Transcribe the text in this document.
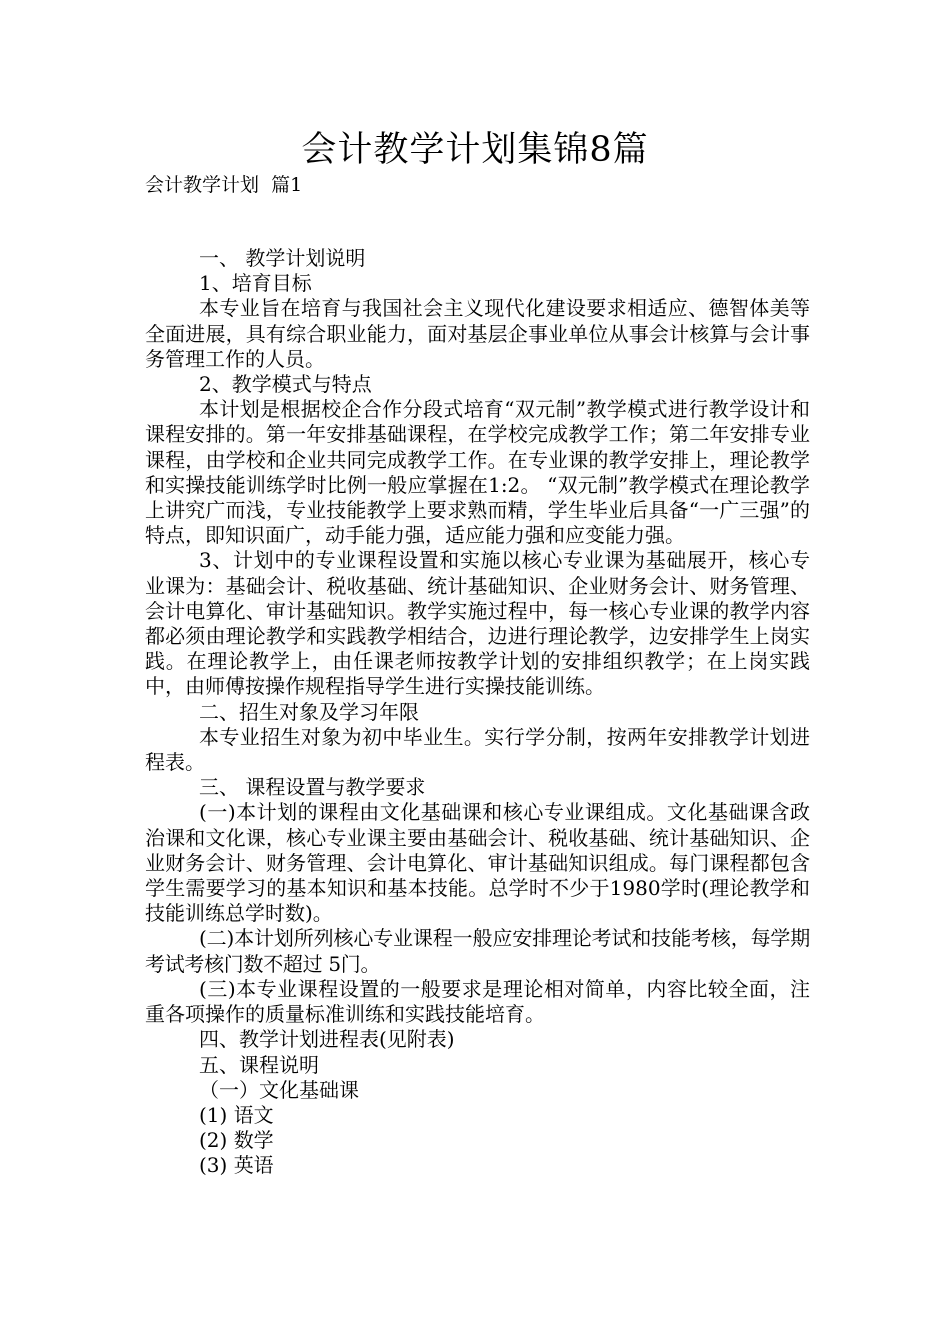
会计教学计划集锦8篇
会计教学计划  篇1

一、 教学计划说明

1、培育目标

本专业旨在培育与我国社会主义现代化建设要求相适应、德智体美等全面进展，具有综合职业能力，面对基层企事业单位从事会计核算与会计事务管理工作的人员。

2、教学模式与特点

本计划是根据校企合作分段式培育“双元制”教学模式进行教学设计和课程安排的。第一年安排基础课程，在学校完成教学工作；第二年安排专业课程，由学校和企业共同完成教学工作。在专业课的教学安排上，理论教学和实操技能训练学时比例一般应掌握在1:2。 “双元制”教学模式在理论教学上讲究广而浅，专业技能教学上要求熟而精，学生毕业后具备“一广三强”的特点，即知识面广，动手能力强，适应能力强和应变能力强。

3、计划中的专业课程设置和实施以核心专业课为基础展开，核心专业课为：基础会计、税收基础、统计基础知识、企业财务会计、财务管理、会计电算化、审计基础知识。教学实施过程中，每一核心专业课的教学内容都必须由理论教学和实践教学相结合，边进行理论教学，边安排学生上岗实践。在理论教学上，由任课老师按教学计划的安排组织教学；在上岗实践中，由师傅按操作规程指导学生进行实操技能训练。

二、招生对象及学习年限

本专业招生对象为初中毕业生。实行学分制，按两年安排教学计划进程表。

三、 课程设置与教学要求

(一)本计划的课程由文化基础课和核心专业课组成。文化基础课含政治课和文化课，核心专业课主要由基础会计、税收基础、统计基础知识、企业财务会计、财务管理、会计电算化、审计基础知识组成。每门课程都包含学生需要学习的基本知识和基本技能。总学时不少于1980学时(理论教学和技能训练总学时数)。

(二)本计划所列核心专业课程一般应安排理论考试和技能考核，每学期考试考核门数不超过 5门。

(三)本专业课程设置的一般要求是理论相对简单，内容比较全面，注重各项操作的质量标准训练和实践技能培育。

四、教学计划进程表(见附表)

五、课程说明

（一）文化基础课

(1) 语文

(2) 数学

(3) 英语
